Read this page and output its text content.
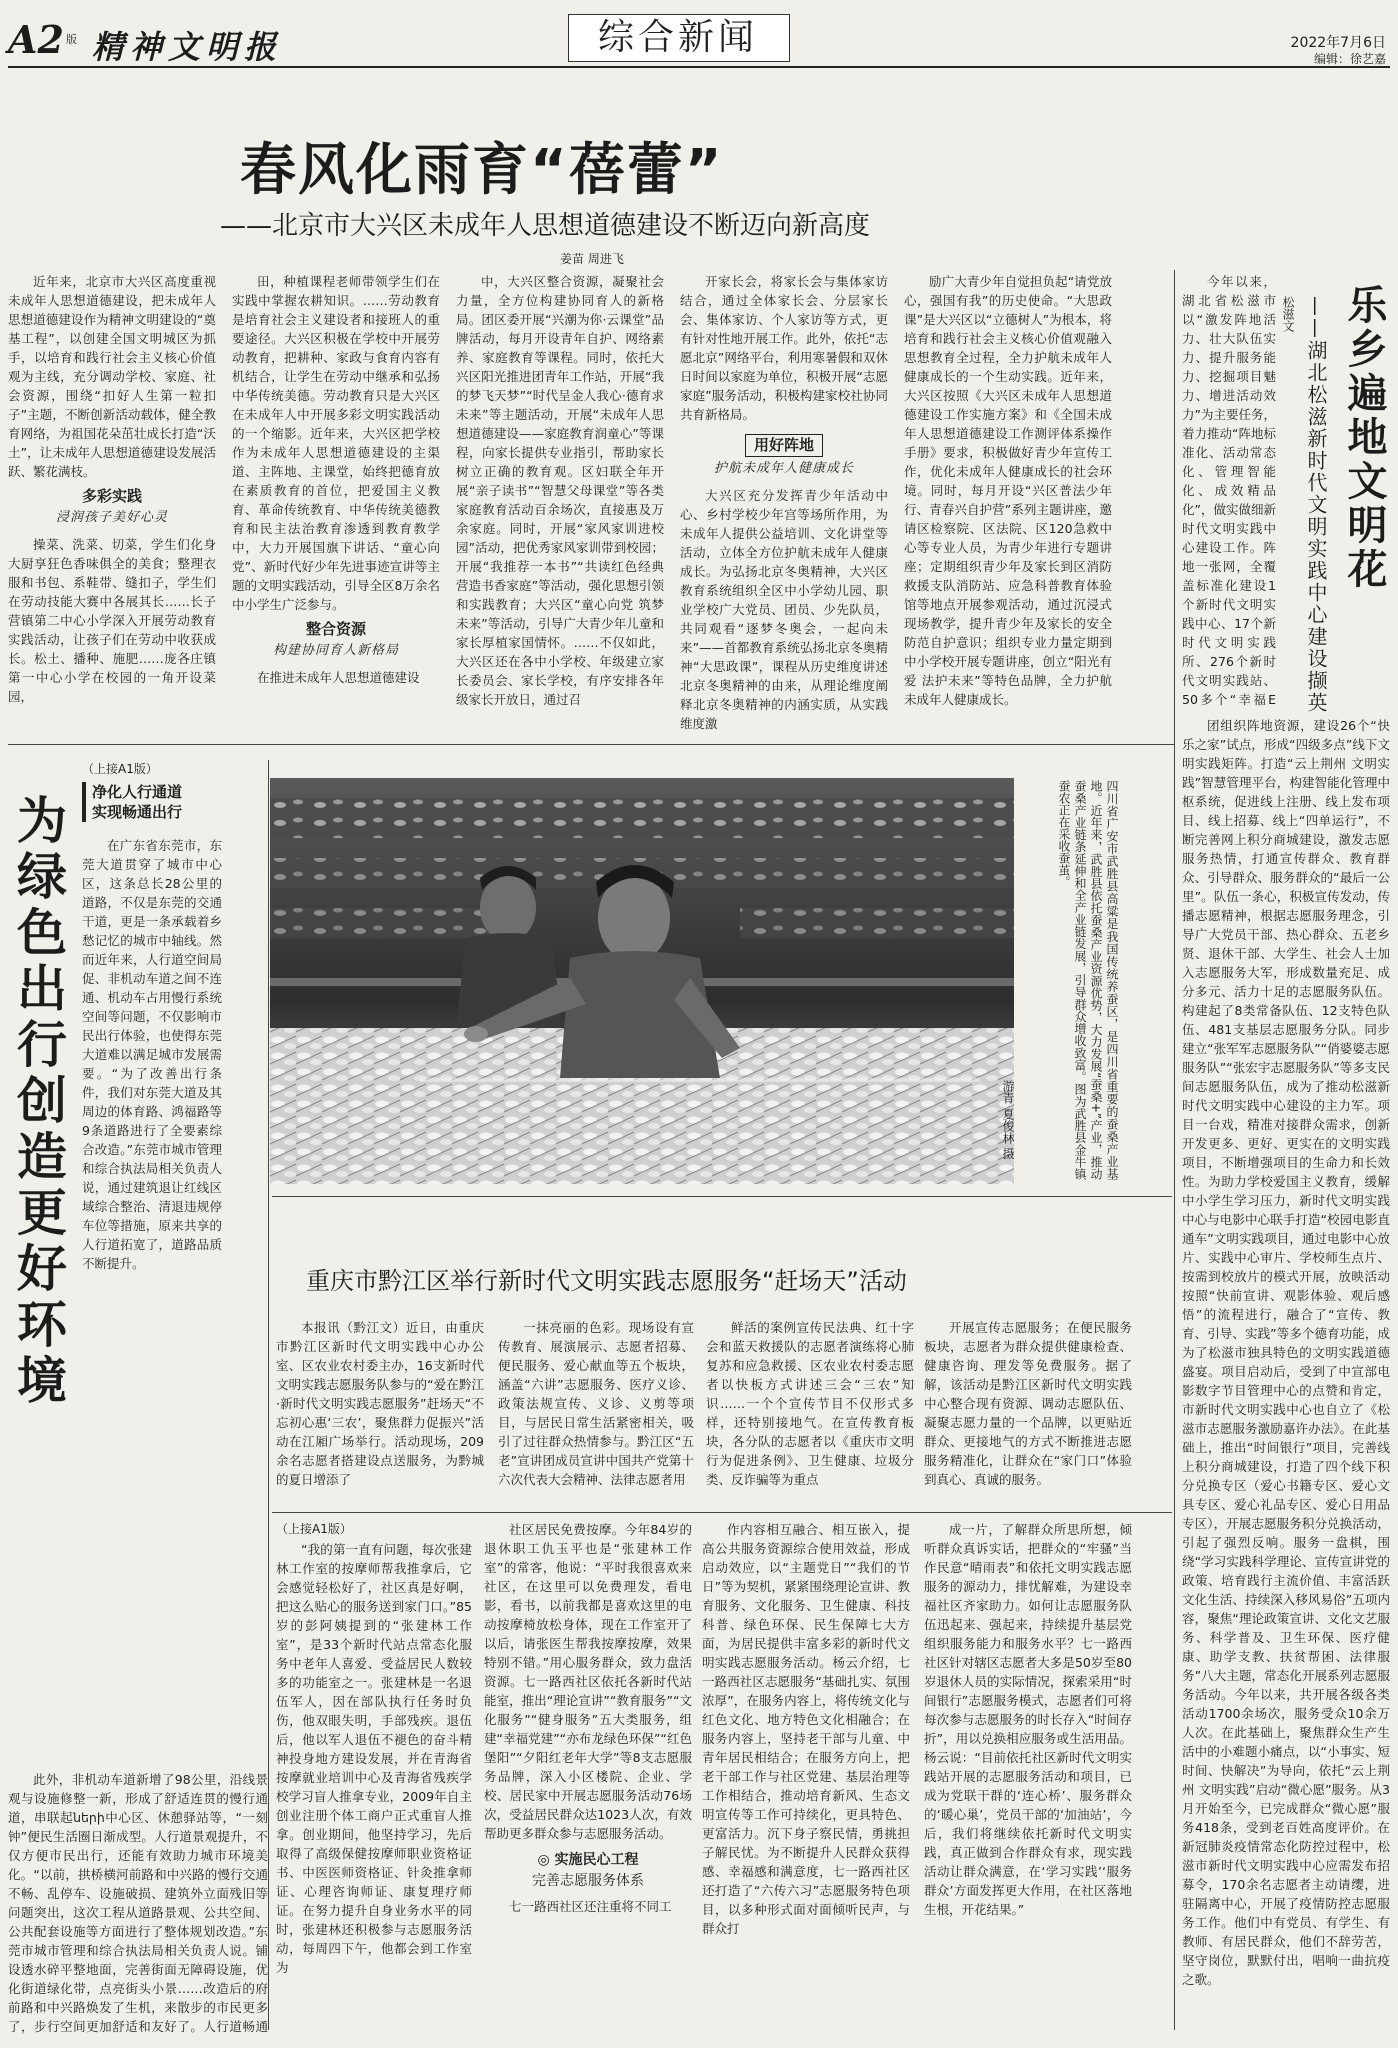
A2 版 精神文明报	综合新闻	2022年7月6日
编辑：徐艺嘉
春风化雨育“蓓蕾”
——北京市大兴区未成年人思想道德建设不断迈向新高度
姜苗 周进飞

近年来，北京市大兴区高度重视未成年人思想道德建设，把未成年人思想道德建设作为精神文明建设的“奠基工程”，以创建全国文明城区为抓手，以培育和践行社会主义核心价值观为主线，充分调动学校、家庭、社会资源，围绕“扣好人生第一粒扣子”主题，不断创新活动载体，健全教育网络，为祖国花朵茁壮成长打造“沃土”，让未成年人思想道德建设发展活跃、繁花满枝。

多彩实践
浸润孩子美好心灵

操菜、洗菜、切菜，学生们化身大厨享狂色香味俱全的美食；整理衣服和书包、系鞋带、缝扣子，学生们在劳动技能大赛中各展其长……长子营镇第二中心小学深入开展劳动教育实践活动，让孩子们在劳动中收获成长。松土、播种、施肥……庞各庄镇第一中心小学在校园的一角开设菜园，

田，种植课程老师带领学生们在实践中掌握农耕知识。……劳动教育是培育社会主义建设者和接班人的重要途径。大兴区积极在学校中开展劳动教育，把耕种、家政与食育内容有机结合，让学生在劳动中继承和弘扬中华传统美德。劳动教育只是大兴区在未成年人中开展多彩文明实践活动的一个缩影。近年来，大兴区把学校作为未成年人思想道德建设的主渠道、主阵地、主课堂，始终把德育放在素质教育的首位，把爱国主义教育、革命传统教育、中华传统美德教育和民主法治教育渗透到教育教学中，大力开展国旗下讲话、“童心向党”、新时代好少年先进事迹宣讲等主题的文明实践活动，引导全区8万余名中小学生广泛参与。

整合资源
构建协同育人新格局

在推进未成年人思想道德建设

中，大兴区整合资源，凝聚社会力量，全方位构建协同育人的新格局。团区委开展“兴潮为你·云课堂”品牌活动，每月开设青年自护、网络素养、家庭教育等课程。同时，依托大兴区阳光推进团青年工作站，开展“我的梦飞天梦”“时代呈金人我心·德育求未来”等主题活动，开展“未成年人思想道德建设——家庭教育润童心”等课程，向家长提供专业指引，帮助家长树立正确的教育观。区妇联全年开展“亲子读书”“智慧父母课堂”等各类家庭教育活动百余场次，直接惠及万余家庭。同时，开展“家风家训进校园”活动，把优秀家风家训带到校园；开展“我推荐一本书”“共读红色经典 营造书香家庭”等活动，强化思想引领和实践教育；大兴区“童心向党 筑梦未来”等活动，引导广大青少年儿童和家长厚植家国情怀。……不仅如此，大兴区还在各中小学校、年级建立家长委员会、家长学校，有序安排各年级家长开放日，通过召

开家长会，将家长会与集体家访结合，通过全体家长会、分层家长会、集体家访、个人家访等方式，更有针对性地开展工作。此外，依托“志愿北京”网络平台，利用寒暑假和双休日时间以家庭为单位，积极开展“志愿家庭”服务活动，积极构建家校社协同共育新格局。

用好阵地
护航未成年人健康成长

大兴区充分发挥青少年活动中心、乡村学校少年宫等场所作用，为未成年人提供公益培训、文化讲堂等活动，立体全方位护航未成年人健康成长。为弘扬北京冬奥精神，大兴区教育系统组织全区中小学幼儿园、职业学校广大党员、团员、少先队员，共同观看“逐梦冬奥会，一起向未来”——首都教育系统弘扬北京冬奥精神“大思政课”，课程从历史维度讲述北京冬奥精神的由来，从理论维度阐释北京冬奥精神的内涵实质，从实践维度激

励广大青少年自觉担负起“请党放心，强国有我”的历史使命。“大思政课”是大兴区以“立德树人”为根本，将培育和践行社会主义核心价值观融入思想教育全过程，全力护航未成年人健康成长的一个生动实践。近年来，大兴区按照《大兴区未成年人思想道德建设工作实施方案》和《全国未成年人思想道德建设工作测评体系操作手册》要求，积极做好青少年宣传工作，优化未成年人健康成长的社会环境。同时，每月开设“兴区普法少年行、青春兴自护营”系列主题讲座，邀请区检察院、区法院、区120急救中心等专业人员，为青少年进行专题讲座；定期组织青少年及家长到区消防救援支队消防站、应急科普教育体验馆等地点开展参观活动，通过沉浸式现场教学，提升青少年及家长的安全防范自护意识；组织专业力量定期到中小学校开展专题讲座，创立“阳光有爱 法护未来”等特色品牌，全力护航未成年人健康成长。

乐乡遍地文明花
——湖北松滋新时代文明实践中心建设撷英
松滋文

今年以来，湖北省松滋市以“激发阵地活力、壮大队伍实力、提升服务能力、挖掘项目魅力、增进活动效力”为主要任务，着力推动“阵地标准化、活动常态化、管理智能化、成效精品化”，做实做细新时代文明实践中心建设工作。阵地一张网，全覆盖标准化建设1个新时代文明实践中心、17个新时代文明实践所、276个新时代文明实践站、50多个“幸福E

团组织阵地资源，建设26个“快乐之家”试点，形成“四级多点”线下文明实践矩阵。打造“云上荆州 文明实践”智慧管理平台，构建智能化管理中枢系统，促进线上注册、线上发布项目、线上招募、线上“四单运行”，不断完善网上积分商城建设，激发志愿服务热情，打通宣传群众、教育群众、引导群众、服务群众的“最后一公里”。队伍一条心，积极宣传发动，传播志愿精神，根据志愿服务理念，引导广大党员干部、热心群众、五老乡贤、退休干部、大学生、社会人士加入志愿服务大军，形成数量充足、成分多元、活力十足的志愿服务队伍。构建起了8类常备队伍、12支特色队伍、481支基层志愿服务分队。同步建立“张军军志愿服务队”“俏婆婆志愿服务队”“张宏宇志愿服务队”等多支民间志愿服务队伍，成为了推动松滋新时代文明实践中心建设的主力军。项目一台戏，精准对接群众需求，创新开发更多、更好、更实在的文明实践项目，不断增强项目的生命力和长效性。为助力学校爱国主义教育，缓解中小学生学习压力，新时代文明实践中心与电影中心联手打造“校园电影直通车”文明实践项目，通过电影中心放片、实践中心审片、学校师生点片、按需到校放片的模式开展，放映活动按照“快前宣讲、观影体验、观后感悟”的流程进行，融合了“宣传、教育、引导、实践”等多个德育功能，成为了松滋市独具特色的文明实践道德盛宴。项目启动后，受到了中宣部电影数字节目管理中心的点赞和肯定，市新时代文明实践中心也自立了《松滋市志愿服务激励嘉许办法》。在此基础上，推出“时间银行”项目，完善线上积分商城建设，打造了四个线下积分兑换专区（爱心书籍专区、爱心文具专区、爱心礼品专区、爱心日用品专区），开展志愿服务积分兑换活动，引起了强烈反响。服务一盘棋，围绕“学习实践科学理论、宣传宣讲党的政策、培育践行主流价值、丰富活跃文化生活、持续深入移风易俗”五项内容，聚焦“理论政策宣讲、文化文艺服务、科学普及、卫生环保、医疗健康、助学支教、扶贫帮困、法律服务”八大主题，常态化开展系列志愿服务活动。今年以来，共开展各级各类活动1700余场次，服务受众10余万人次。在此基础上，聚焦群众生产生活中的小难题小痛点，以“小事实、短时间、快解决”为导向，依托“云上荆州 文明实践”启动“微心愿”服务。从3月开始至今，已完成群众“微心愿”服务418条，受到老百姓高度评价。在新冠肺炎疫情常态化防控过程中，松滋市新时代文明实践中心应需发布招募令，170余名志愿者主动请缨，进驻隔离中心，开展了疫情防控志愿服务工作。他们中有党员、有学生、有教师、有居民群众，他们不辞劳苦，坚守岗位，默默付出，唱响一曲抗疫之歌。

为绿色出行创造更好环境
（上接A1版）
净化人行通道
实现畅通出行

在广东省东莞市，东莞大道贯穿了城市中心区，这条总长28公里的道路，不仅是东莞的交通干道，更是一条承载着乡愁记忆的城市中轴线。然而近年来，人行道空间局促、非机动车道之间不连通、机动车占用慢行系统空间等问题，不仅影响市民出行体验，也使得东莞大道难以满足城市发展需要。“为了改善出行条件，我们对东莞大道及其周边的体育路、鸿福路等9条道路进行了全要素综合改造。”东莞市城市管理和综合执法局相关负责人说，通过建筑退让红线区域综合整治、清退违规停车位等措施，原来共享的人行道拓宽了，道路品质不断提升。

此外，非机动车道新增了98公里，沿线景观与设施修整一新，形成了舒适连贯的慢行通道，串联起ների中心区、休憩驿站等，“一刻钟”便民生活圈日渐成型。人行道景观提升，不仅方便市民出行，还能有效助力城市环境美化。“以前，拱桥横河前路和中兴路的慢行交通不畅、乱停车、设施破损、建筑外立面残旧等问题突出，这次工程从道路景观、公共空间、公共配套设施等方面进行了整体规划改造。”东莞市城市管理和综合执法局相关负责人说。铺设透水碎平整地面，完善街面无障碍设施，优化街道绿化带，点亮街头小景……改造后的府前路和中兴路焕发了生机，来散步的市民更多了，步行空间更加舒适和友好了。人行道畅通

四川省广安市武胜县高粱是我国传统养蚕区，是四川省重要的蚕桑产业基地。近年来，武胜县依托蚕桑产业资源优势，大力发展“蚕桑+”产业，推动蚕桑产业链条延伸和全产业链发展，引导群众增收致富。图为武胜县金牛镇蚕农正在采收蚕茧。
游青 夏俊林 摄
重庆市黔江区举行新时代文明实践志愿服务“赶场天”活动

本报讯（黔江文）近日，由重庆市黔江区新时代文明实践中心办公室、区农业农村委主办，16支新时代文明实践志愿服务队参与的“爱在黔江·新时代文明实践志愿服务”赶场天“不忘初心惠‘三农’，聚焦群力促振兴”活动在江厢广场举行。活动现场，209余名志愿者搭建设点送服务，为黔城的夏日增添了

一抹亮丽的色彩。现场设有宣传教育、展演展示、志愿者招募、便民服务、爱心献血等五个板块，涵盖“六讲”志愿服务、医疗义诊、政策法规宣传、义诊、义剪等项目，与居民日常生活紧密相关，吸引了过往群众热情参与。黔江区“五老”宣讲团成员宣讲中国共产党第十六次代表大会精神、法律志愿者用

鲜活的案例宣传民法典、红十字会和蓝天救援队的志愿者演练将心肺复苏和应急救援、区农业农村委志愿者以快板方式讲述三会“三农”知识……一个个宣传节目不仅形式多样，还特别接地气。在宣传教育板块，各分队的志愿者以《重庆市文明行为促进条例》、卫生健康、垃圾分类、反诈骗等为重点

开展宣传志愿服务；在便民服务板块，志愿者为群众提供健康检查、健康咨询、理发等免费服务。据了解，该活动是黔江区新时代文明实践中心整合现有资源、调动志愿队伍、凝聚志愿力量的一个品牌，以更贴近群众、更接地气的方式不断推进志愿服务精准化，让群众在“家门口”体验到真心、真诚的服务。

（上接A1版）

“我的第一直有问题，每次张建林工作室的按摩师帮我推拿后，它会感觉轻松好了，社区真是好啊，把这么贴心的服务送到家门口。”85岁的彭阿姨提到的“张建林工作室”，是33个新时代站点常态化服务中老年人喜爱、受益居民人数较多的功能室之一。张建林是一名退伍军人，因在部队执行任务时负伤，他双眼失明，手部残疾。退伍后，他以军人退伍不褪色的奋斗精神投身地方建设发展，并在青海省按摩就业培训中心及青海省残疾学校学习盲人推拿专业，2009年自主创业注册个体工商户正式重盲人推拿。创业期间，他坚持学习，先后取得了高级保健按摩师职业资格证书、中医医师资格证、针灸推拿师证、心理咨询师证、康复理疗师证。在努力提升自身业务水平的同时，张建林还积极参与志愿服务活动，每周四下午，他都会到工作室为

社区居民免费按摩。今年84岁的退休职工仇玉平也是“张建林工作室”的常客，他说：“平时我很喜欢来社区，在这里可以免费理发，看电影，看书，以前我都是喜欢这里的电动按摩椅放松身体，现在工作室开了以后，请张医生帮我按摩按摩，效果特别不错。”用心服务群众，致力盘活资源。七一路西社区依托各新时代站能室，推出“理论宣讲”“教育服务”“文化服务”“健身服务”五大类服务，组建“幸福党建”“亦布龙绿色环保”“红色堡阳”“夕阳红老年大学”等8支志愿服务品牌，深入小区楼院、企业、学校、居民家中开展志愿服务活动76场次，受益居民群众达1023人次，有效帮助更多群众参与志愿服务活动。

◎ 实施民心工程
完善志愿服务体系

七一路西社区还注重将不同工

作内容相互融合、相互嵌入，提高公共服务资源综合使用效益，形成启动效应，以“主题党日”“我们的节日”等为契机，紧紧围绕理论宣讲、教育服务、文化服务、卫生健康、科技科普、绿色环保、民生保障七大方面，为居民提供丰富多彩的新时代文明实践志愿服务活动。杨云介绍，七一路西社区志愿服务“基础扎实、氛围浓厚”，在服务内容上，将传统文化与红色文化、地方特色文化相融合；在服务内容上，坚持老干部与儿童、中青年居民相结合；在服务方向上，把老干部工作与社区党建、基层治理等工作相结合，推动培育新风、生态文明宣传等工作可持续化，更具特色、更富活力。沉下身子察民情，勇挑担子解民忧。为不断提升人民群众获得感、幸福感和满意度，七一路西社区还打造了“六传六习”志愿服务特色项目，以多种形式面对面倾听民声，与群众打

成一片，了解群众所思所想，倾听群众真诉实话，把群众的“牢骚”当作民意“晴雨表”和依托文明实践志愿服务的源动力，排忧解难，为建设幸福社区齐家助力。如何让志愿服务队伍迅起来、强起来，持续提升基层党组织服务能力和服务水平？七一路西社区针对辖区志愿者大多是50岁至80岁退休人员的实际情况，探索采用“时间银行”志愿服务模式，志愿者们可将每次参与志愿服务的时长存入“时间存折”，用以兑换相应服务或生活用品。杨云说：“目前依托社区新时代文明实践站开展的志愿服务活动和项目，已成为党联干群的‘连心桥’、服务群众的‘暖心巢’，党员干部的‘加油站’，今后，我们将继续依托新时代文明实践，真正做到合作群众有求，现实践活动让群众满意，在‘学习实践’‘服务群众’方面发挥更大作用，在社区落地生根，开花结果。”
